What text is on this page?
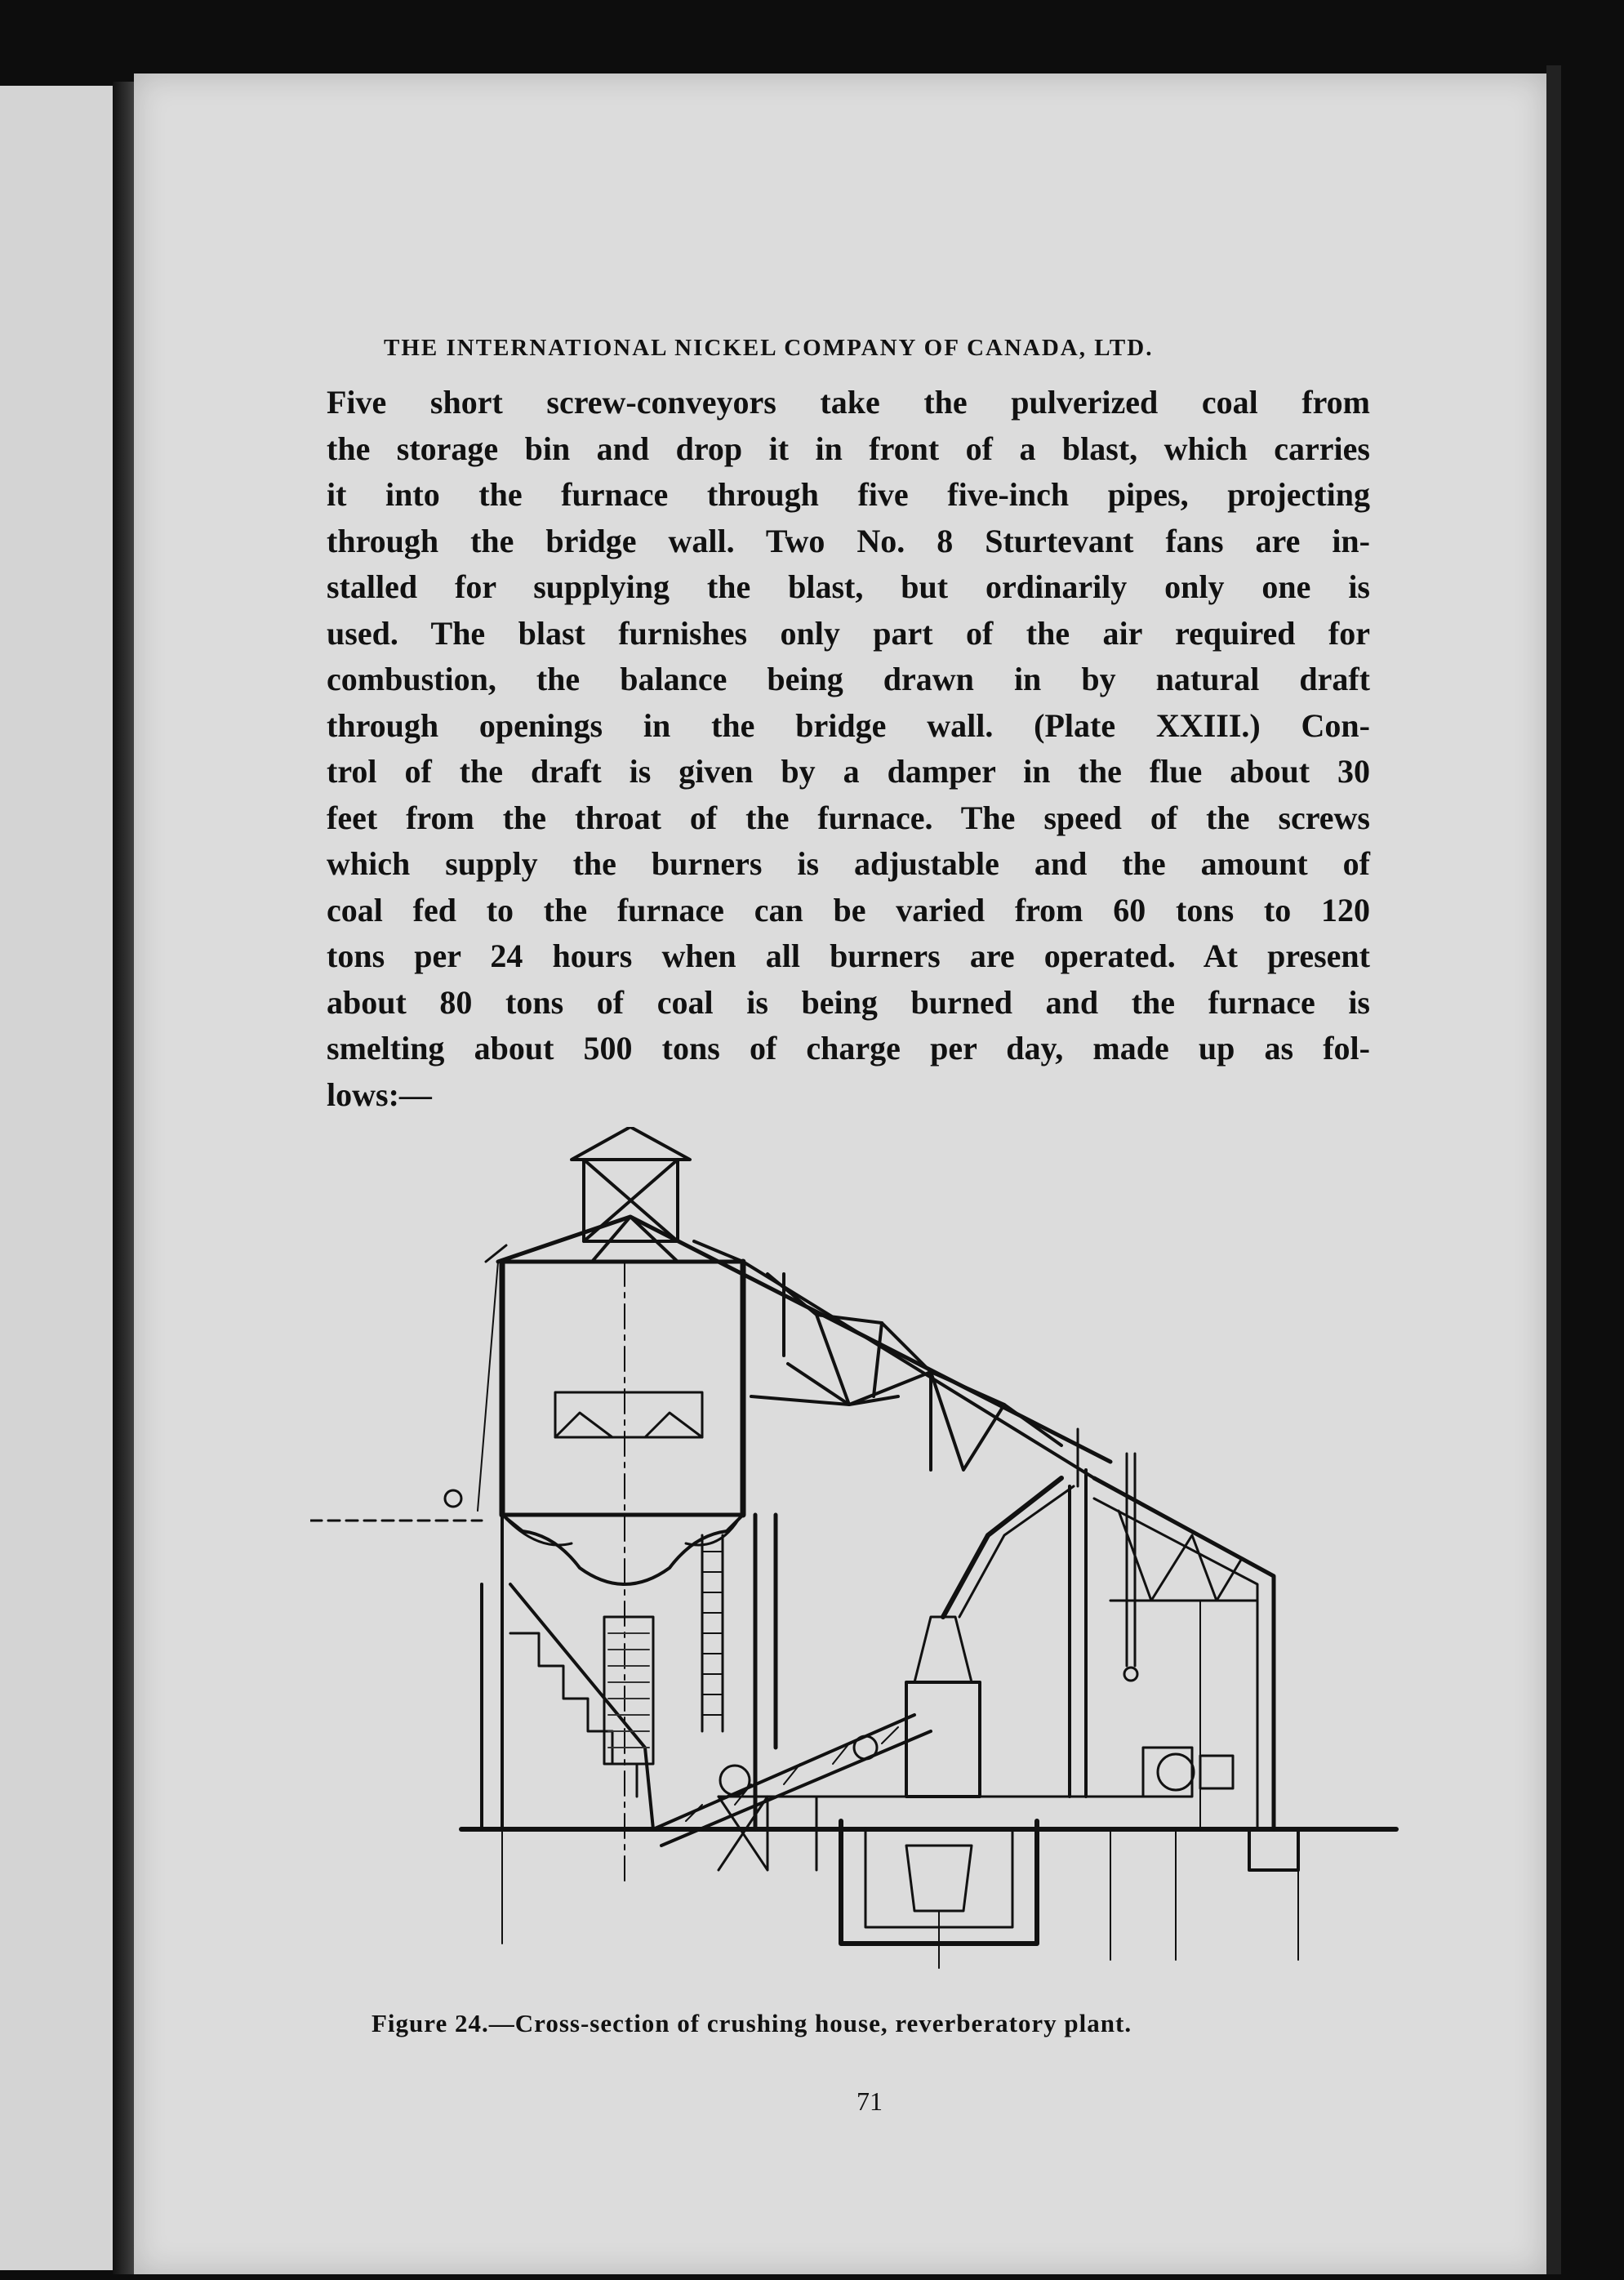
THE INTERNATIONAL NICKEL COMPANY OF CANADA, LTD.

Five short screw-conveyors take the pulverized coal from
the storage bin and drop it in front of a blast, which carries
it into the furnace through five five-inch pipes, projecting
through the bridge wall. Two No. 8 Sturtevant fans are in-
stalled for supplying the blast, but ordinarily only one is
used. The blast furnishes only part of the air required for
combustion, the balance being drawn in by natural draft
through openings in the bridge wall. (Plate XXIII.) Con-
trol of the draft is given by a damper in the flue about 30
feet from the throat of the furnace. The speed of the screws
which supply the burners is adjustable and the amount of
coal fed to the furnace can be varied from 60 tons to 120
tons per 24 hours when all burners are operated. At present
about 80 tons of coal is being burned and the furnace is
smelting about 500 tons of charge per day, made up as fol-
lows:—

Figure 24.—Cross-section of crushing house, reverberatory plant.
71
